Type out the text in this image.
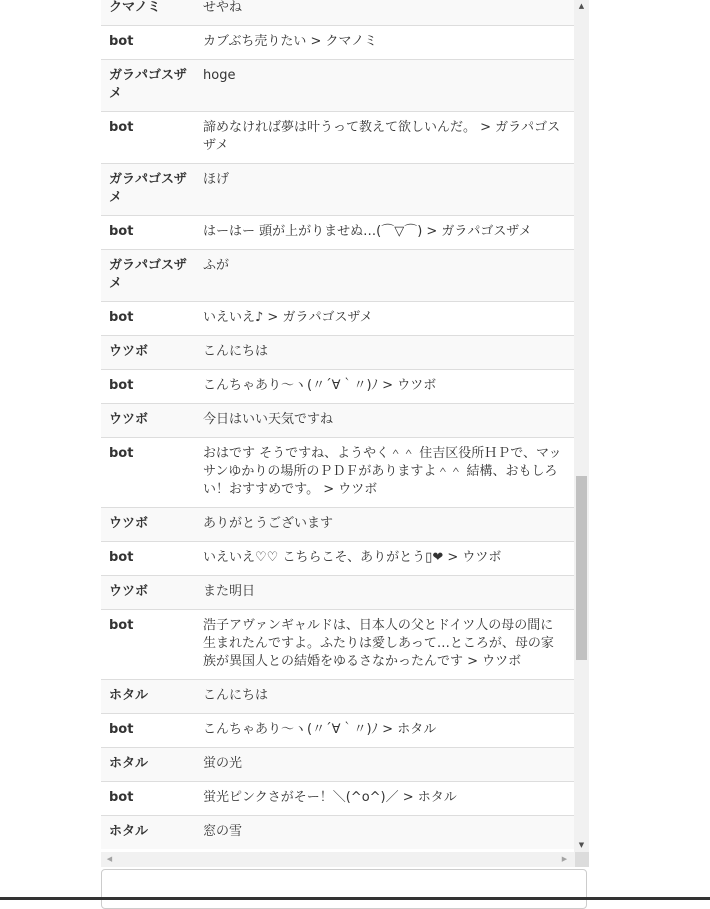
クマノミ	せやね
bot	カブぶち売りたい > クマノミ
ガラパゴスザメ	hoge
bot	諦めなければ夢は叶うって教えて欲しいんだ。 > ガラパゴスザメ
ガラパゴスザメ	ほげ
bot	はーはー 頭が上がりませぬ…(⌒▽⌒) > ガラパゴスザメ
ガラパゴスザメ	ふが
bot	いえいえ♪ > ガラパゴスザメ
ウツボ	こんにちは
bot	こんちゃあり〜ヽ(〃´∀｀〃)ﾉ > ウツボ
ウツボ	今日はいい天気ですね
bot	おはです そうですね、ようやく＾＾ 住吉区役所ＨＰで、マッサンゆかりの場所のＰＤＦがありますよ＾＾ 結構、おもしろい！おすすめです。 > ウツボ
ウツボ	ありがとうございます
bot	いえいえ♡♡ こちらこそ、ありがとう▯❤ > ウツボ
ウツボ	また明日
bot	浩子アヴァンギャルドは、日本人の父とドイツ人の母の間に生まれたんですよ。ふたりは愛しあって…ところが、母の家族が異国人との結婚をゆるさなかったんです > ウツボ
ホタル	こんにちは
bot	こんちゃあり〜ヽ(〃´∀｀〃)ﾉ > ホタル
ホタル	蛍の光
bot	蛍光ピンクさがそー！＼(^o^)／ > ホタル
ホタル	窓の雪
▲
▼
◀	▶
